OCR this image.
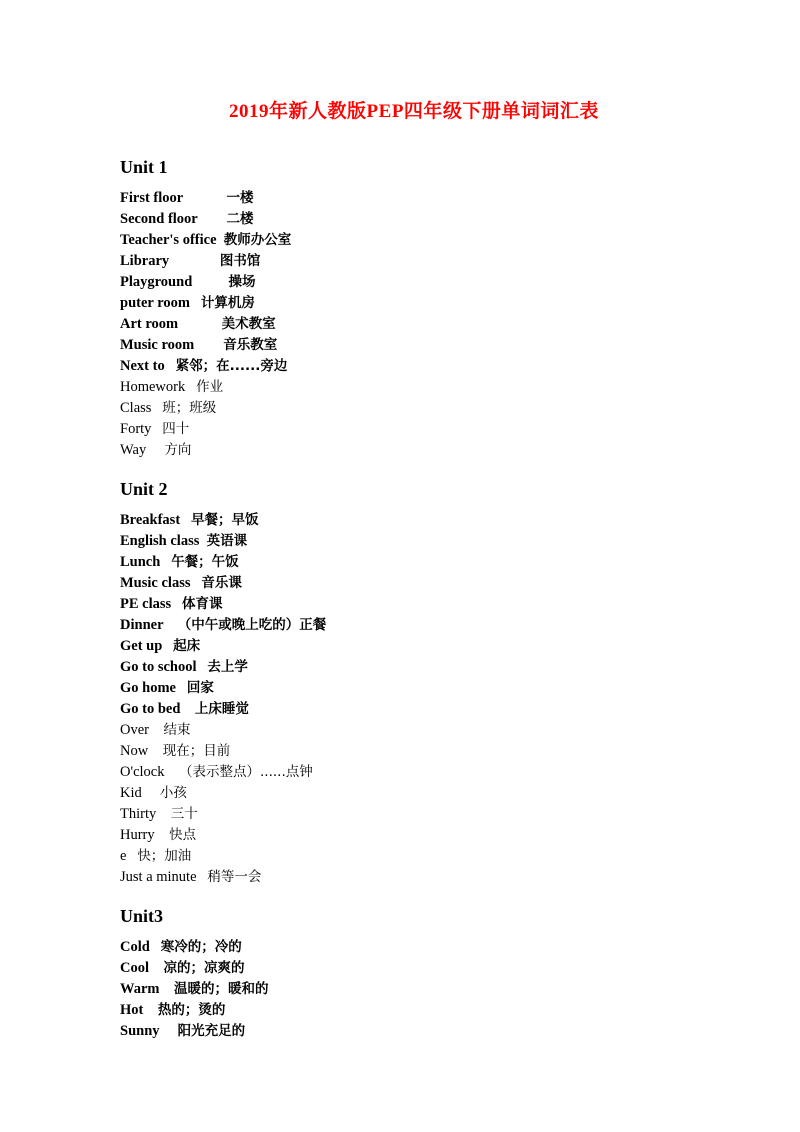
2019年新人教版PEP四年级下册单词词汇表
Unit 1
First floor	一楼
Second floor 二楼
Teacher's office 教师办公室
Library	图书馆
Playground	操场
puter room 计算机房
Art room	美术教室
Music room 音乐教室
Next to 紧邻；在......旁边
Homework 作业
Class 班；班级
Forty 四十
Way 方向
Unit 2
Breakfast 早餐；早饭
English class 英语课
Lunch 午餐；午饭
Music class 音乐课
PE class 体育课
Dinner （中午或晚上吃的）正餐
Get up 起床
Go to school 去上学
Go home 回家
Go to bed 上床睡觉
Over 结束
Now 现在；目前
O'clock （表示整点）......点钟
Kid 小孩
Thirty 三十
Hurry 快点
e 快；加油
Just a minute 稍等一会
Unit3
Cold 寒冷的；冷的
Cool 凉的；凉爽的
Warm 温暖的；暖和的
Hot 热的；烫的
Sunny 阳光充足的
